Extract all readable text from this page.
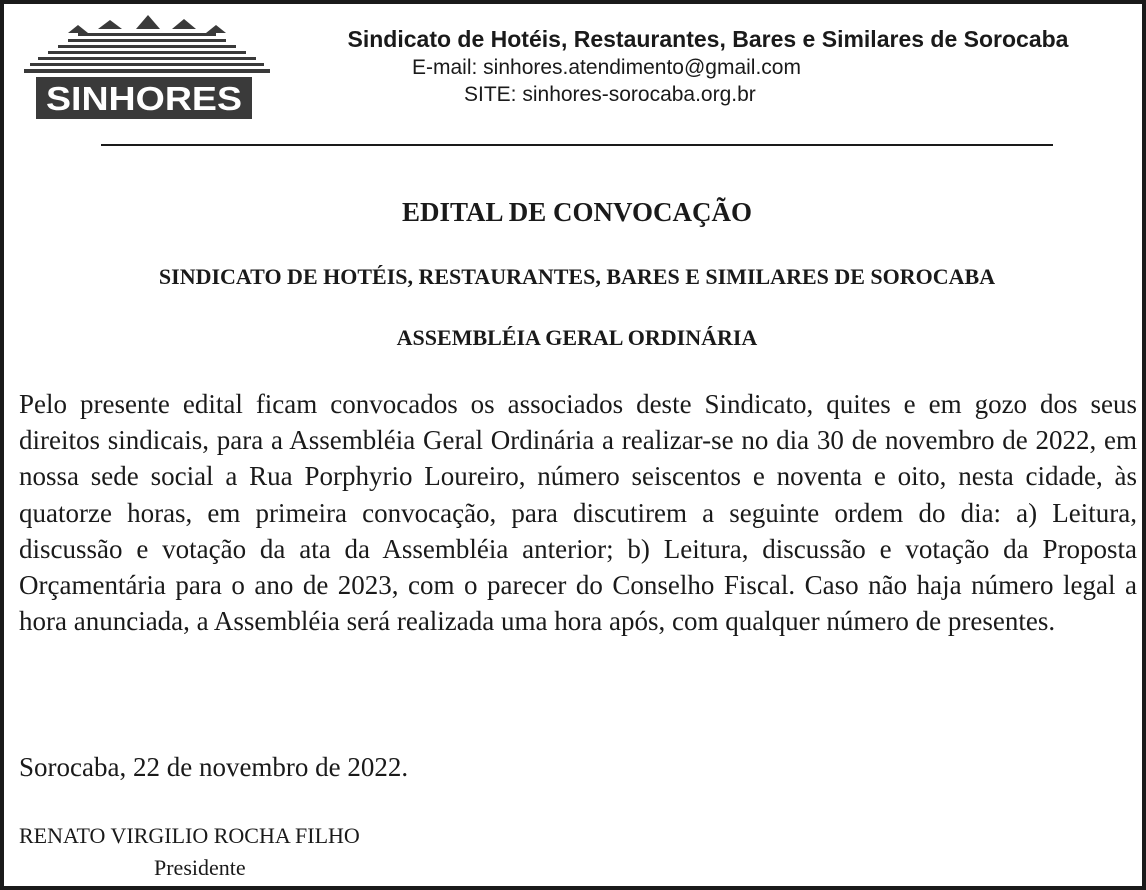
SINHORES
Sindicato de Hotéis, Restaurantes, Bares e Similares de Sorocaba
E-mail: sinhores.atendimento@gmail.com
SITE: sinhores-sorocaba.org.br
EDITAL DE CONVOCAÇÃO
SINDICATO DE HOTÉIS, RESTAURANTES, BARES E SIMILARES DE SOROCABA
ASSEMBLÉIA GERAL ORDINÁRIA

Pelo presente edital ficam convocados os associados deste Sindicato, quites e em gozo dos seus direitos sindicais, para a Assembléia Geral Ordinária a realizar-se no dia 30 de novembro de 2022, em nossa sede social a Rua Porphyrio Loureiro, número seiscentos e noventa e oito, nesta cidade, às quatorze horas, em primeira convocação, para discutirem a seguinte ordem do dia: a) Leitura, discussão e votação da ata da Assembléia anterior; b) Leitura, discussão e votação da Proposta Orçamentária para o ano de 2023, com o parecer do Conselho Fiscal. Caso não haja número legal a hora anunciada, a Assembléia será realizada uma hora após, com qualquer número de presentes.

Sorocaba, 22 de novembro de 2022.
RENATO VIRGILIO ROCHA FILHO
Presidente
